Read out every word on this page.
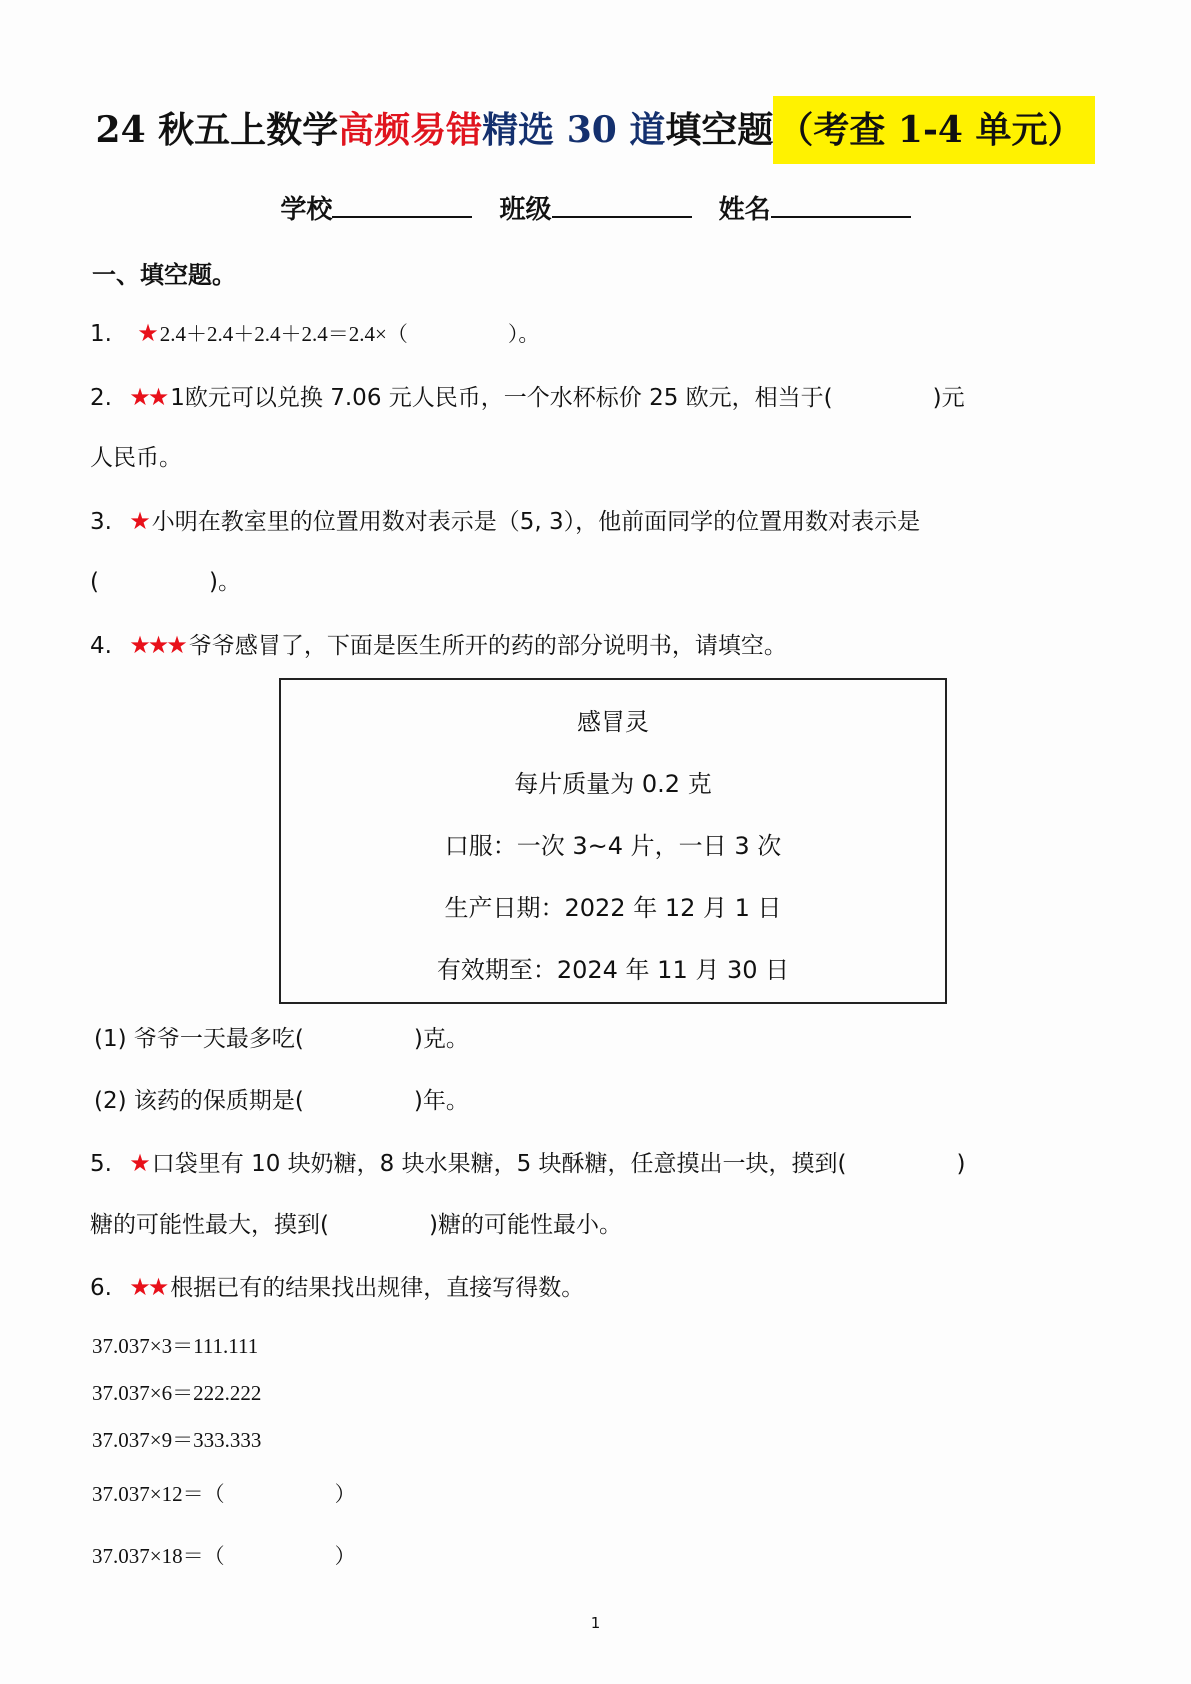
24 秋五上数学高频易错精选 30 道填空题 （考查 1-4 单元）
学校	班级	姓名
一、填空题。
1. ★ 2.4＋2.4＋2.4＋2.4＝2.4×（	）。
2. ★★ 1欧元可以兑换 7.06 元人民币，一个水杯标价 25 欧元，相当于(	)元
人民币。
3. ★ 小明在教室里的位置用数对表示是（5, 3），他前面同学的位置用数对表示是
(	)。
4. ★★★ 爷爷感冒了，下面是医生所开的药的部分说明书，请填空。
感冒灵
每片质量为 0.2 克
口服：一次 3~4 片，一日 3 次
生产日期：2022 年 12 月 1 日
有效期至：2024 年 11 月 30 日
(1) 爷爷一天最多吃(	)克。
(2) 该药的保质期是(	)年。
5. ★ 口袋里有 10 块奶糖，8 块水果糖，5 块酥糖，任意摸出一块，摸到(	)
糖的可能性最大，摸到(	)糖的可能性最小。
6. ★★ 根据已有的结果找出规律，直接写得数。
37.037×3＝111.111
37.037×6＝222.222
37.037×9＝333.333
37.037×12＝（	）
37.037×18＝（	）
1
